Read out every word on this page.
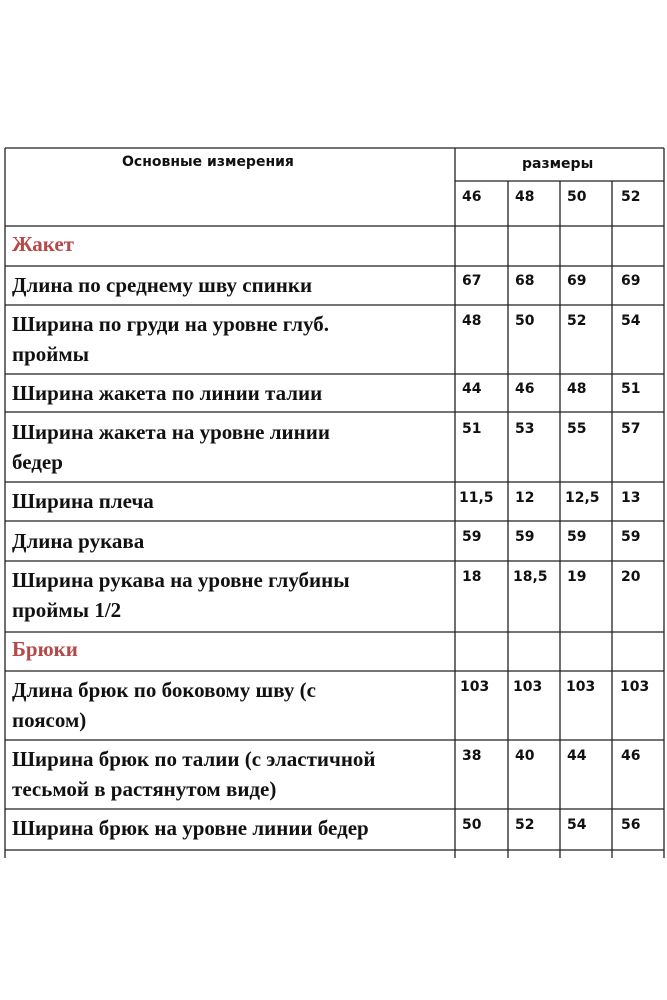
Основные измерения	размеры
46 48 50 52
Жакет
Длина по среднему шву спинки	67 68 69 69
Ширина по груди на уровне глуб.
проймы
48 50 52 54
Ширина жакета по линии талии	44 46 48 51
Ширина жакета на уровне линии
бедер
51 53 55 57
Ширина плеча	11,5 12 12,5 13
Длина рукава	59 59 59 59
Ширина рукава на уровне глубины
проймы 1/2
18 18,5 19 20
Брюки
Длина брюк по боковому шву (с
поясом)
103 103 103 103
Ширина брюк по талии (с эластичной
тесьмой в растянутом виде)
38 40 44 46
Ширина брюк на уровне линии бедер	50 52 54 56
